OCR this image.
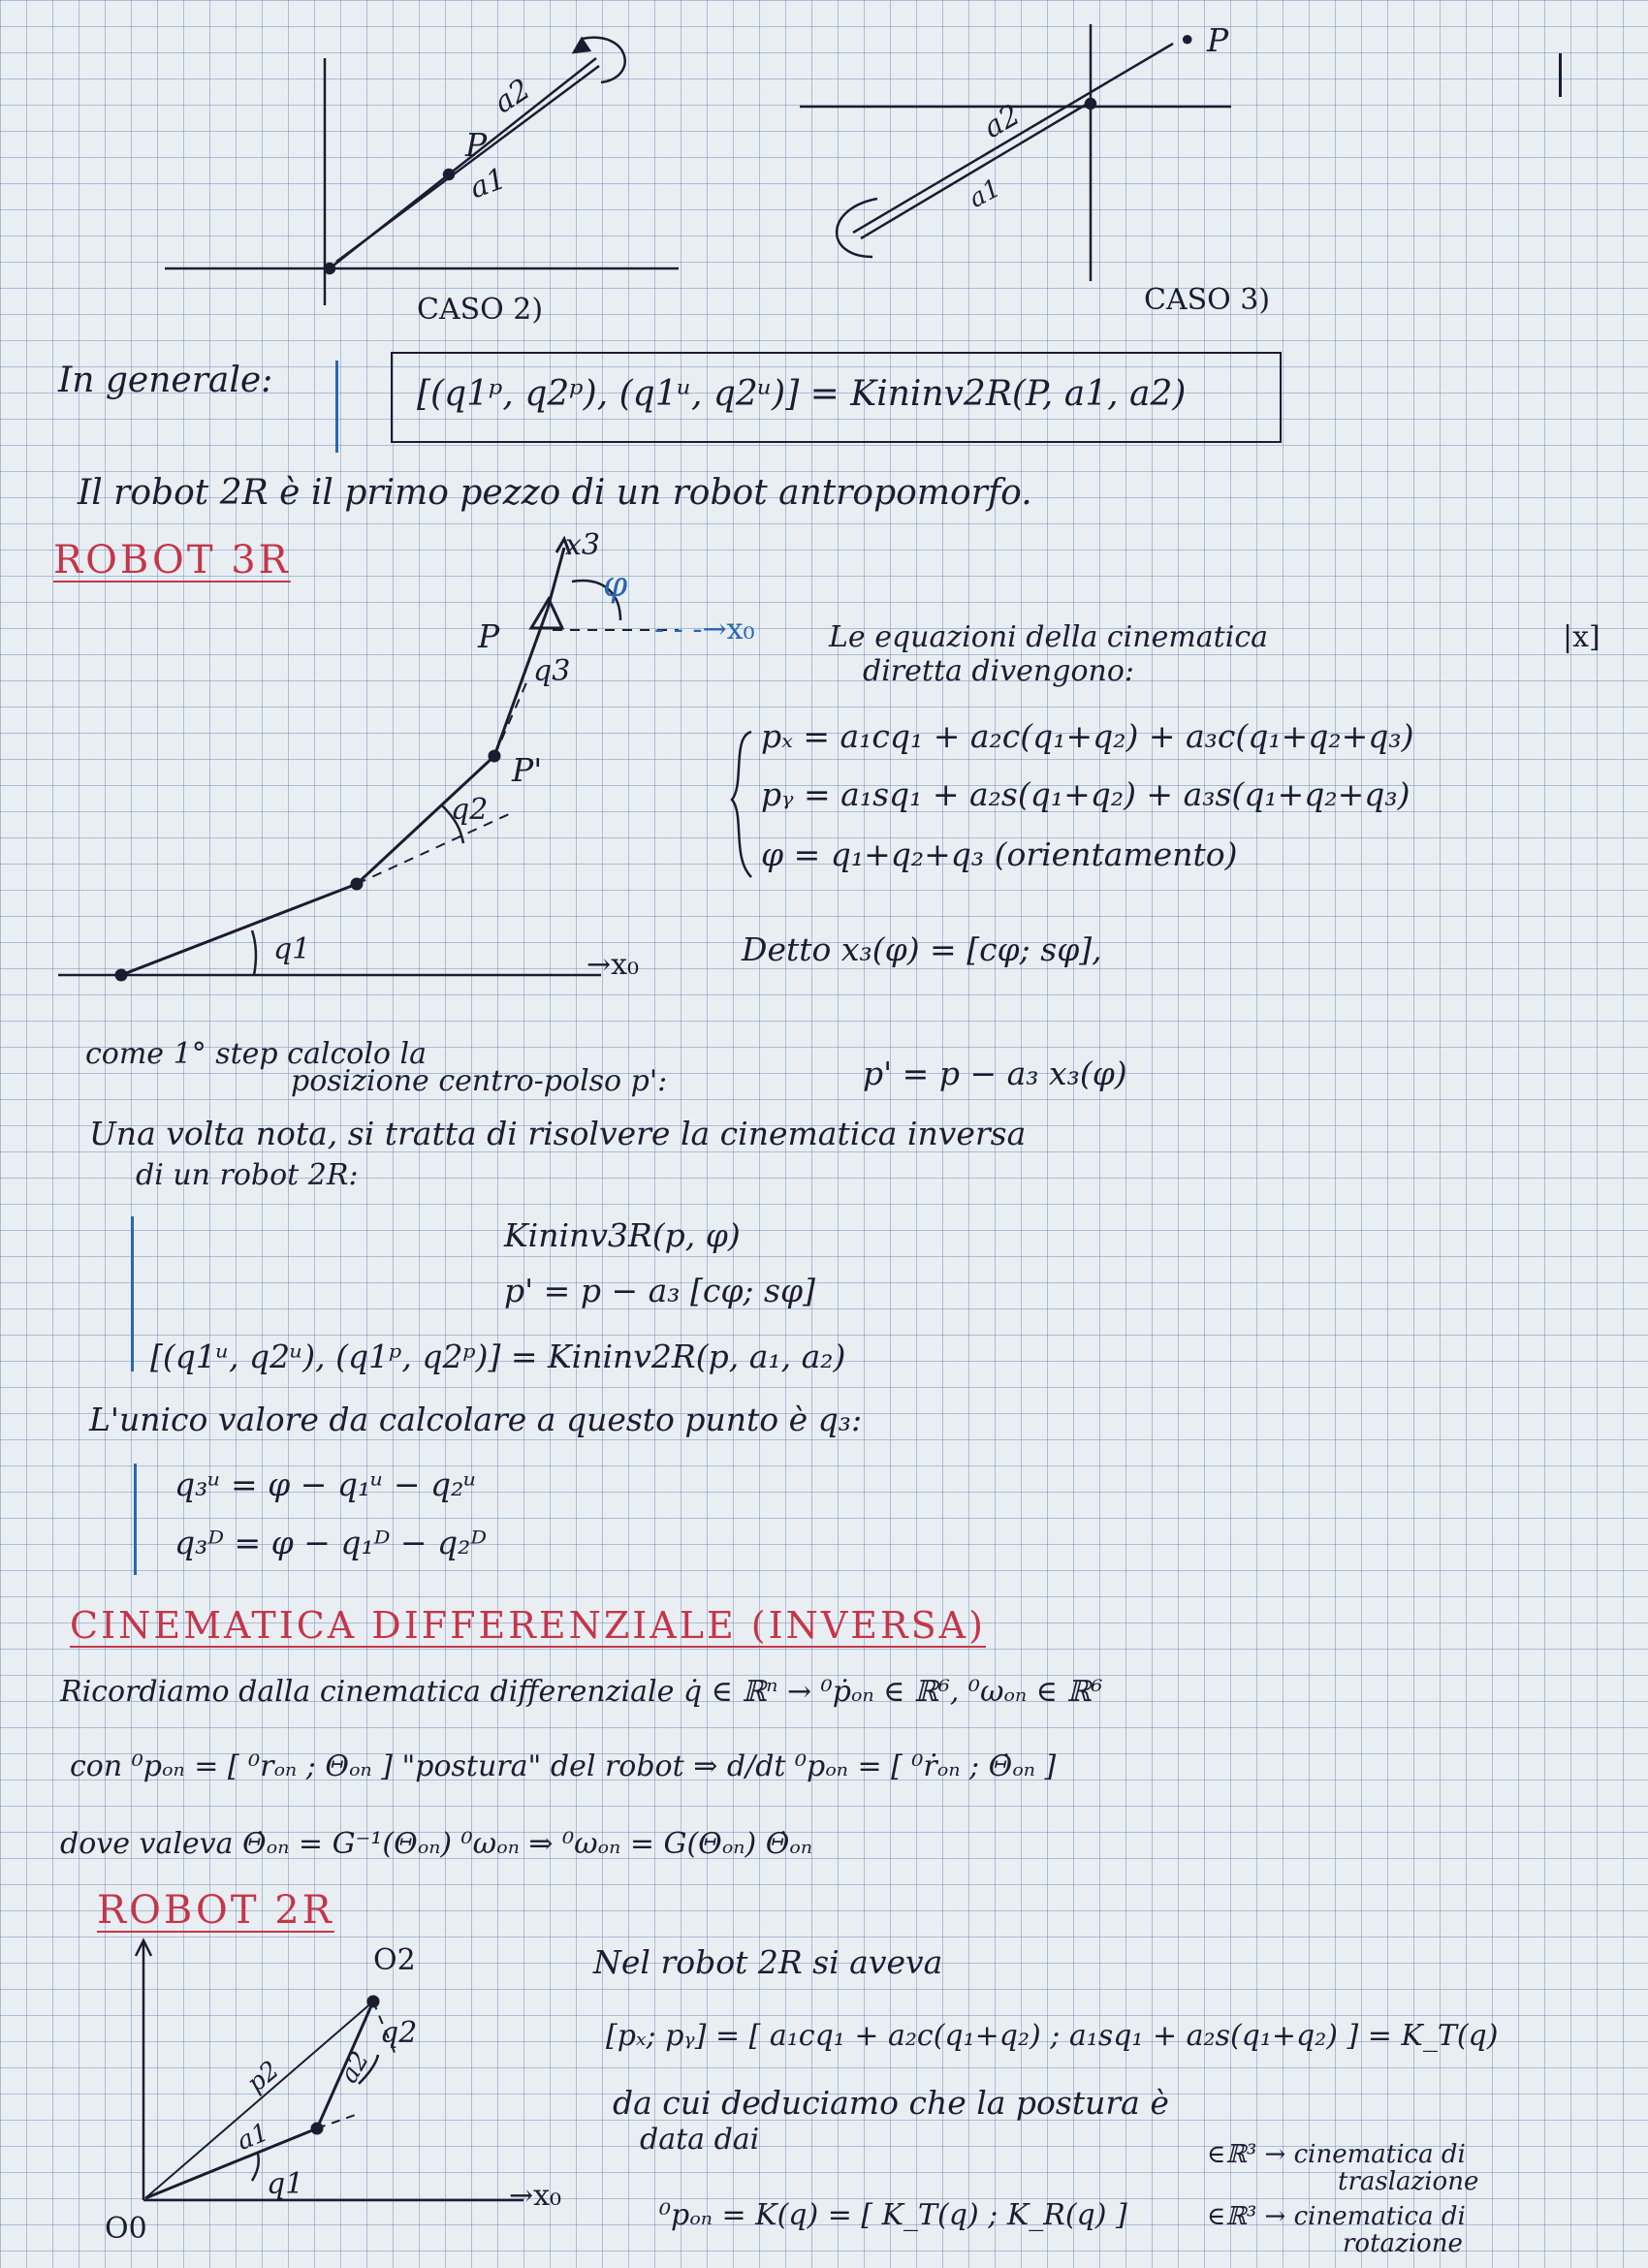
a2
P
a1
CASO 2)
• P
a2
a1
CASO 3)
In generale:	[(q1ᵖ, q2ᵖ), (q1ᵘ, q2ᵘ)] = Kininv2R(P, a1, a2)
Il robot 2R è il primo pezzo di un robot antropomorfo.
ROBOT 3R	x3
φ
- - -→x₀
P
q3
P'
q2
q1	→x₀
|x]
Le equazioni della cinematica
diretta divengono:
pₓ = a₁cq₁ + a₂c(q₁+q₂) + a₃c(q₁+q₂+q₃)
pᵧ = a₁sq₁ + a₂s(q₁+q₂) + a₃s(q₁+q₂+q₃)
φ = q₁+q₂+q₃ (orientamento)
Detto x₃(φ) = [cφ; sφ],
come 1° step calcolo la
posizione centro-polso p':	p' = p − a₃ x₃(φ)
Una volta nota, si tratta di risolvere la cinematica inversa
di un robot 2R:
Kininv3R(p, φ)
p' = p − a₃ [cφ; sφ]
[(q1ᵘ, q2ᵘ), (q1ᵖ, q2ᵖ)] = Kininv2R(p, a₁, a₂)
L'unico valore da calcolare a questo punto è q₃:
q₃ᵘ = φ − q₁ᵘ − q₂ᵘ
q₃ᴰ = φ − q₁ᴰ − q₂ᴰ
CINEMATICA DIFFERENZIALE (INVERSA)
Ricordiamo dalla cinematica differenziale q̇ ∈ ℝⁿ → ⁰ṗₒₙ ∈ ℝ⁶, ⁰ωₒₙ ∈ ℝ⁶
con ⁰pₒₙ = [ ⁰rₒₙ ; Θₒₙ ] "postura" del robot ⇒ d/dt ⁰pₒₙ = [ ⁰ṙₒₙ ; Θ̇ₒₙ ]
dove valeva Θ̇ₒₙ = G⁻¹(Θₒₙ) ⁰ωₒₙ ⇒ ⁰ωₒₙ = G(Θₒₙ) Θ̇ₒₙ
ROBOT 2R
O2
q2
a2
p2
a1
q1
O0
→x₀
Nel robot 2R si aveva
[pₓ; pᵧ] = [ a₁cq₁ + a₂c(q₁+q₂) ; a₁sq₁ + a₂s(q₁+q₂) ] = K_T(q)
da cui deduciamo che la postura è
data dai
⁰pₒₙ = K(q) = [ K_T(q) ; K_R(q) ]
∈ℝ³ → cinematica di
traslazione
∈ℝ³ → cinematica di
rotazione
